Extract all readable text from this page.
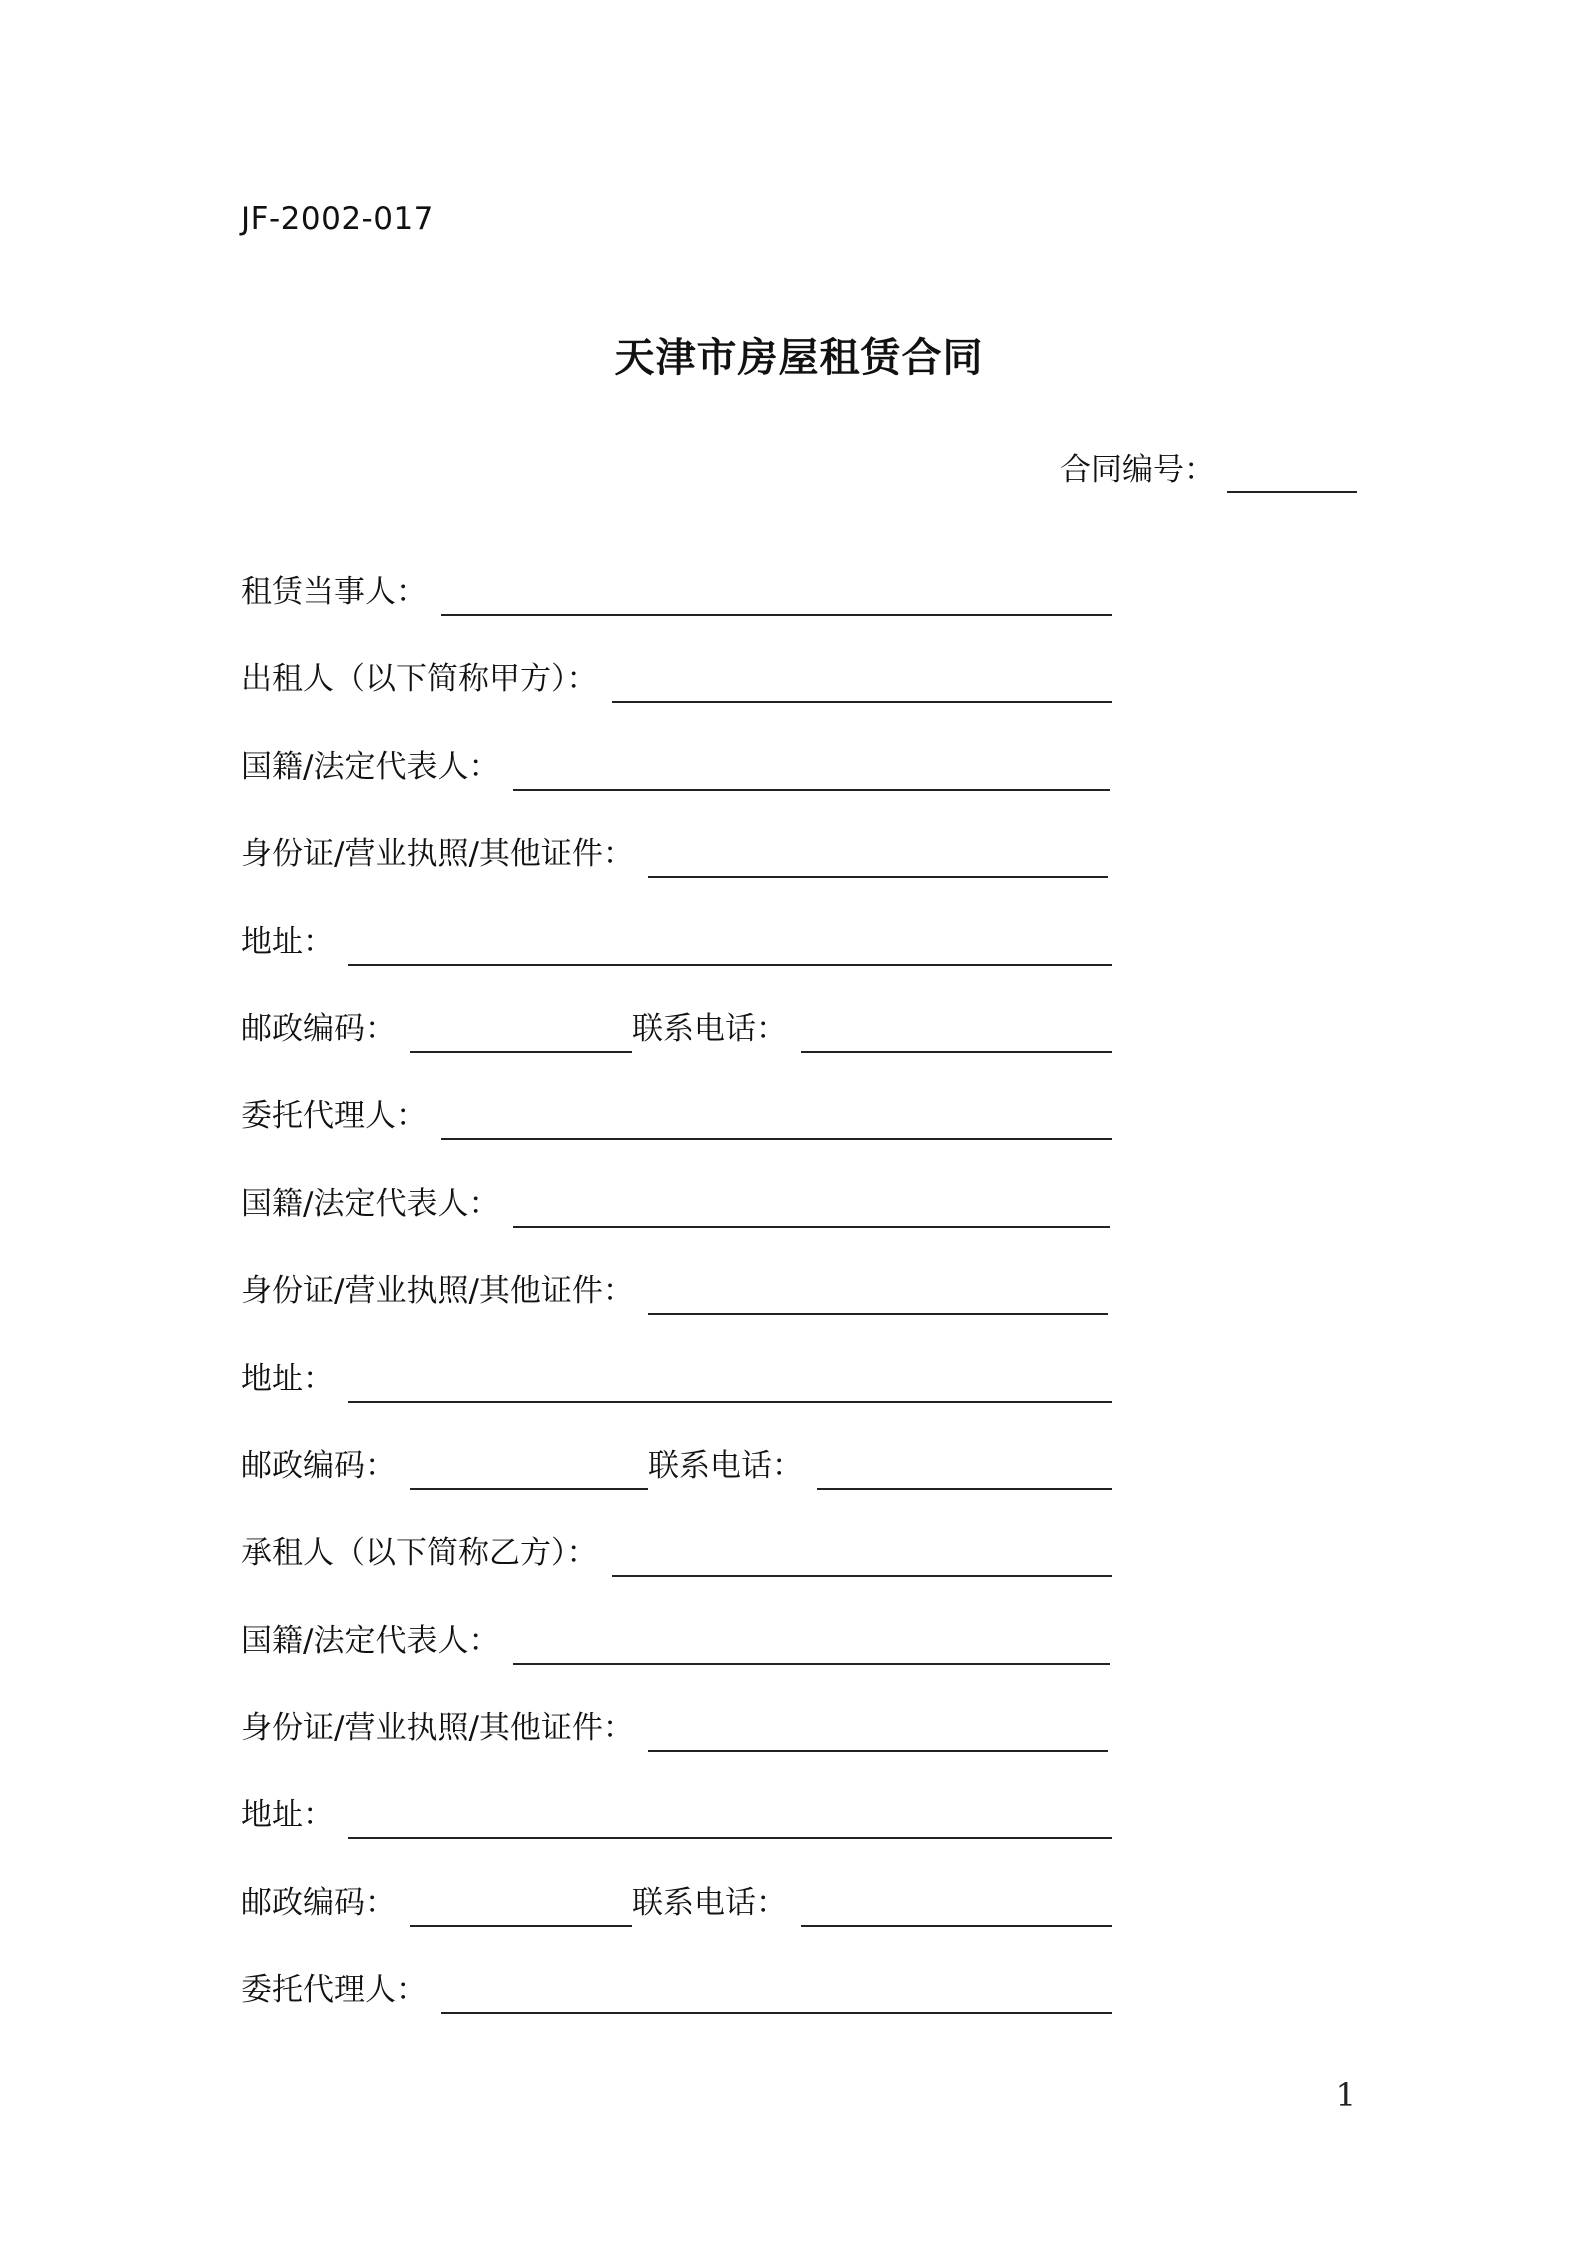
JF-2002-017
天津市房屋租赁合同
合同编号：
租赁当事人：
出租人（以下简称甲方）：
国籍/法定代表人：
身份证/营业执照/其他证件：
地址：
邮政编码：	联系电话：
委托代理人：
国籍/法定代表人：
身份证/营业执照/其他证件：
地址：
邮政编码：	联系电话：
承租人（以下简称乙方）：
国籍/法定代表人：
身份证/营业执照/其他证件：
地址：
邮政编码：	联系电话：
委托代理人：
1
